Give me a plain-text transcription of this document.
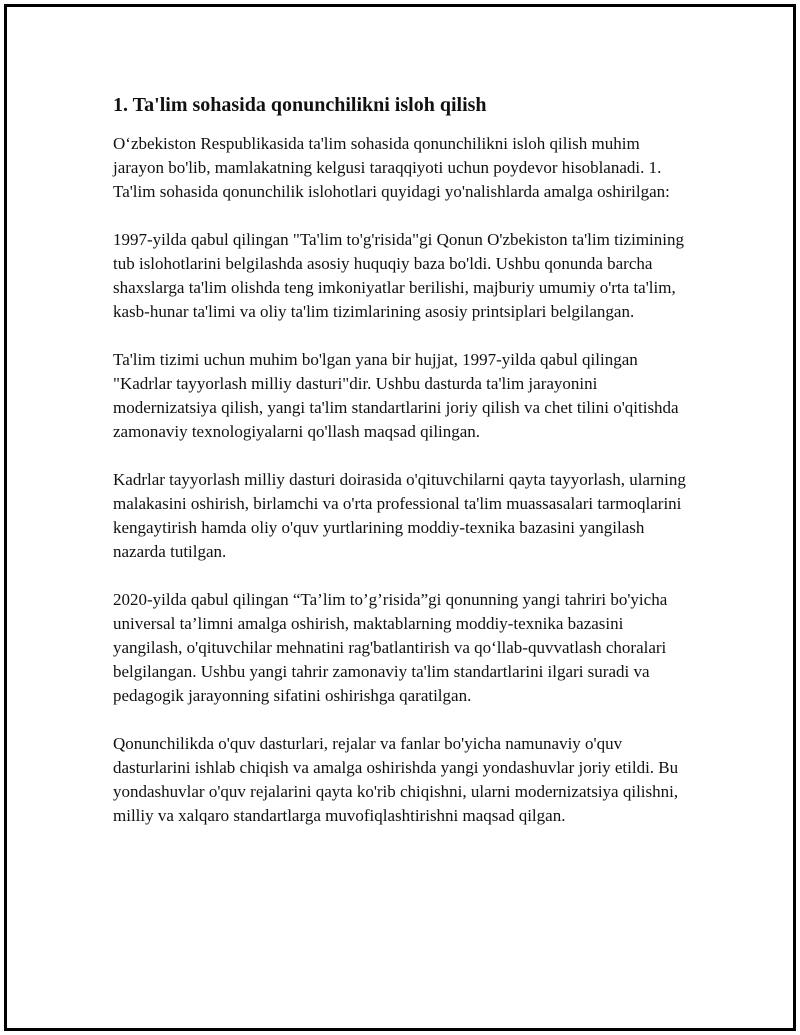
1. Ta'lim sohasida qonunchilikni isloh qilish

O‘zbekiston Respublikasida ta'lim sohasida qonunchilikni isloh qilish muhim jarayon bo'lib, mamlakatning kelgusi taraqqiyoti uchun poydevor hisoblanadi. 1. Ta'lim sohasida qonunchilik islohotlari quyidagi yo'nalishlarda amalga oshirilgan:

1997-yilda qabul qilingan "Ta'lim to'g'risida"gi Qonun O'zbekiston ta'lim tizimining tub islohotlarini belgilashda asosiy huquqiy baza bo'ldi. Ushbu qonunda barcha shaxslarga ta'lim olishda teng imkoniyatlar berilishi, majburiy umumiy o'rta ta'lim, kasb-hunar ta'limi va oliy ta'lim tizimlarining asosiy printsiplari belgilangan.

Ta'lim tizimi uchun muhim bo'lgan yana bir hujjat, 1997-yilda qabul qilingan "Kadrlar tayyorlash milliy dasturi"dir. Ushbu dasturda ta'lim jarayonini modernizatsiya qilish, yangi ta'lim standartlarini joriy qilish va chet tilini o'qitishda zamonaviy texnologiyalarni qo'llash maqsad qilingan.

Kadrlar tayyorlash milliy dasturi doirasida o'qituvchilarni qayta tayyorlash, ularning malakasini oshirish, birlamchi va o'rta professional ta'lim muassasalari tarmoqlarini kengaytirish hamda oliy o'quv yurtlarining moddiy-texnika bazasini yangilash nazarda tutilgan.

2020-yilda qabul qilingan “Ta’lim to’g’risida”gi qonunning yangi tahriri bo'yicha universal ta’limni amalga oshirish, maktablarning moddiy-texnika bazasini yangilash, o'qituvchilar mehnatini rag'batlantirish va qo‘llab-quvvatlash choralari belgilangan. Ushbu yangi tahrir zamonaviy ta'lim standartlarini ilgari suradi va pedagogik jarayonning sifatini oshirishga qaratilgan.

Qonunchilikda o'quv dasturlari, rejalar va fanlar bo'yicha namunaviy o'quv dasturlarini ishlab chiqish va amalga oshirishda yangi yondashuvlar joriy etildi. Bu yondashuvlar o'quv rejalarini qayta ko'rib chiqishni, ularni modernizatsiya qilishni, milliy va xalqaro standartlarga muvofiqlashtirishni maqsad qilgan.
